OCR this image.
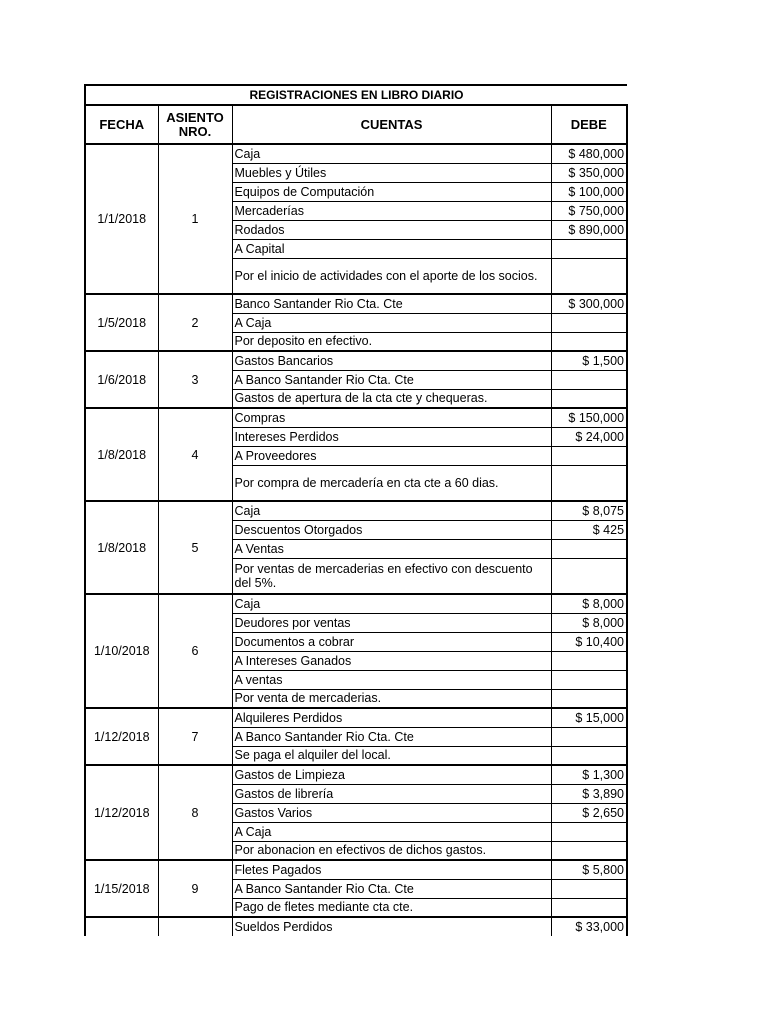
REGISTRACIONES EN LIBRO DIARIO			
FECHA	ASIENTO NRO.	CUENTAS	DEBE
1/1/2018	1	Caja	$ 480,000
		Muebles y Útiles	$ 350,000
		Equipos de Computación	$ 100,000
		Mercaderías	$ 750,000
		Rodados	$ 890,000
		A Capital	
		Por el inicio de actividades con el aporte de los socios.	
1/5/2018	2	Banco Santander Rio Cta. Cte	$ 300,000
		A Caja	
		Por deposito en efectivo.	
1/6/2018	3	Gastos Bancarios	$ 1,500
		A Banco Santander Rio Cta. Cte	
		Gastos de apertura de la cta cte y chequeras.	
1/8/2018	4	Compras	$ 150,000
		Intereses Perdidos	$ 24,000
		A Proveedores	
		Por compra de mercadería en cta cte a 60 dias.	
1/8/2018	5	Caja	$ 8,075
		Descuentos Otorgados	$ 425
		A Ventas	
		Por ventas de mercaderias en efectivo con descuento del 5%.	
1/10/2018	6	Caja	$ 8,000
		Deudores por ventas	$ 8,000
		Documentos a cobrar	$ 10,400
		A Intereses Ganados	
		A ventas	
		Por venta de mercaderias.	
1/12/2018	7	Alquileres Perdidos	$ 15,000
		A Banco Santander Rio Cta. Cte	
		Se paga el alquiler del local.	
1/12/2018	8	Gastos de Limpieza	$ 1,300
		Gastos de librería	$ 3,890
		Gastos Varios	$ 2,650
		A Caja	
		Por abonacion en efectivos de dichos gastos.	
1/15/2018	9	Fletes Pagados	$ 5,800
		A Banco Santander Rio Cta. Cte	
		Pago de fletes mediante cta cte.	
		Sueldos Perdidos	$ 33,000
